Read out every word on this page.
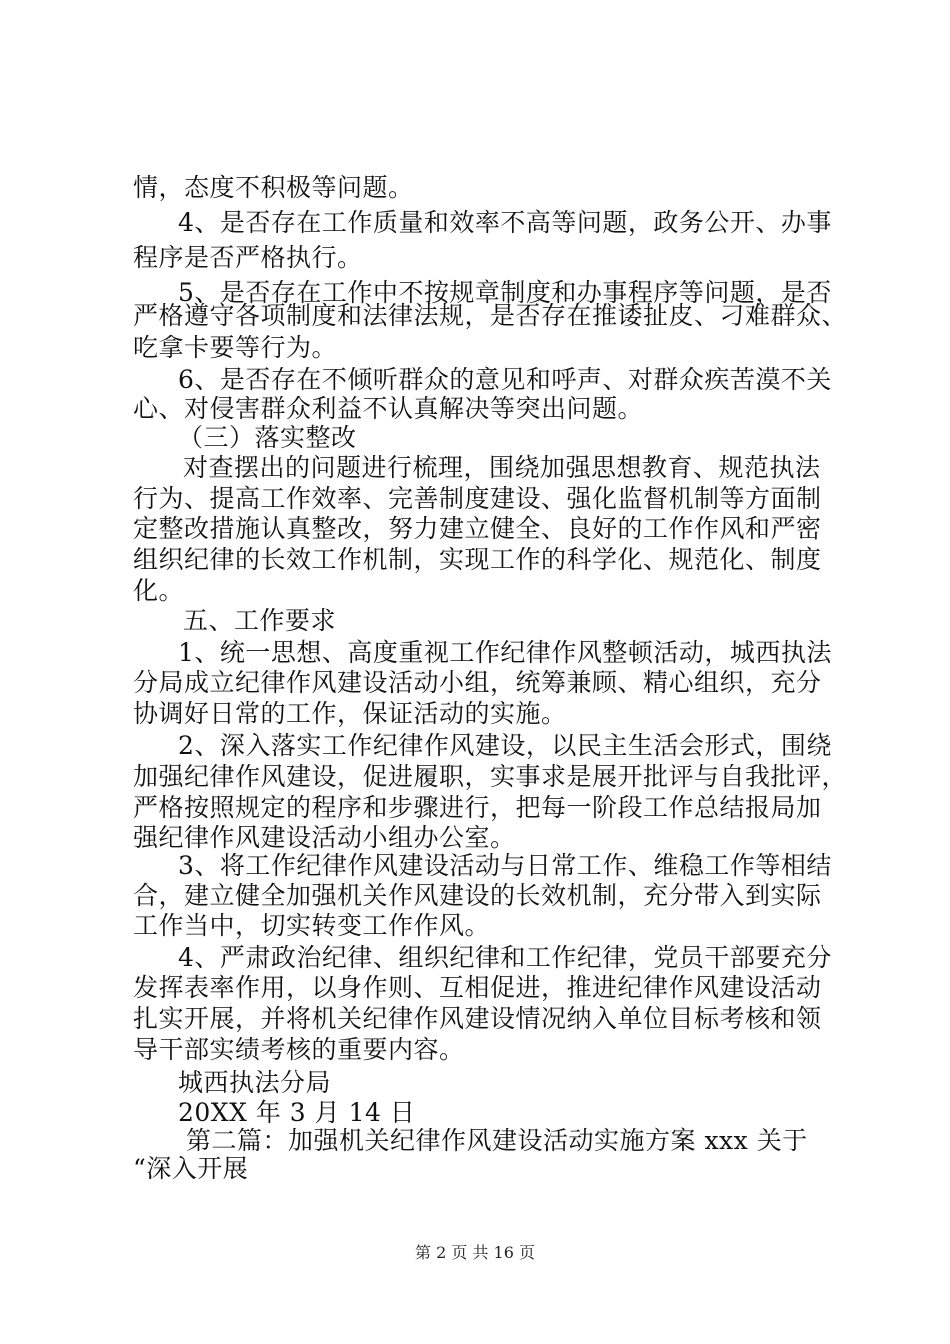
情，态度不积极等问题。
4、是否存在工作质量和效率不高等问题，政务公开、办事
程序是否严格执行。
5、是否存在工作中不按规章制度和办事程序等问题，是否
严格遵守各项制度和法律法规，是否存在推诿扯皮、刁难群众、
吃拿卡要等行为。
6、是否存在不倾听群众的意见和呼声、对群众疾苦漠不关
心、对侵害群众利益不认真解决等突出问题。
（三）落实整改
对查摆出的问题进行梳理，围绕加强思想教育、规范执法
行为、提高工作效率、完善制度建设、强化监督机制等方面制
定整改措施认真整改，努力建立健全、良好的工作作风和严密
组织纪律的长效工作机制，实现工作的科学化、规范化、制度
化。
五、工作要求
1、统一思想、高度重视工作纪律作风整顿活动，城西执法
分局成立纪律作风建设活动小组，统筹兼顾、精心组织，充分
协调好日常的工作，保证活动的实施。
2、深入落实工作纪律作风建设，以民主生活会形式，围绕
加强纪律作风建设，促进履职，实事求是展开批评与自我批评，
严格按照规定的程序和步骤进行，把每一阶段工作总结报局加
强纪律作风建设活动小组办公室。
3、将工作纪律作风建设活动与日常工作、维稳工作等相结
合，建立健全加强机关作风建设的长效机制，充分带入到实际
工作当中，切实转变工作作风。
4、严肃政治纪律、组织纪律和工作纪律，党员干部要充分
发挥表率作用，以身作则、互相促进，推进纪律作风建设活动
扎实开展，并将机关纪律作风建设情况纳入单位目标考核和领
导干部实绩考核的重要内容。
城西执法分局
20XX 年 3 月 14 日
第二篇：加强机关纪律作风建设活动实施方案 xxx 关于
“深入开展
第 2 页 共 16 页
